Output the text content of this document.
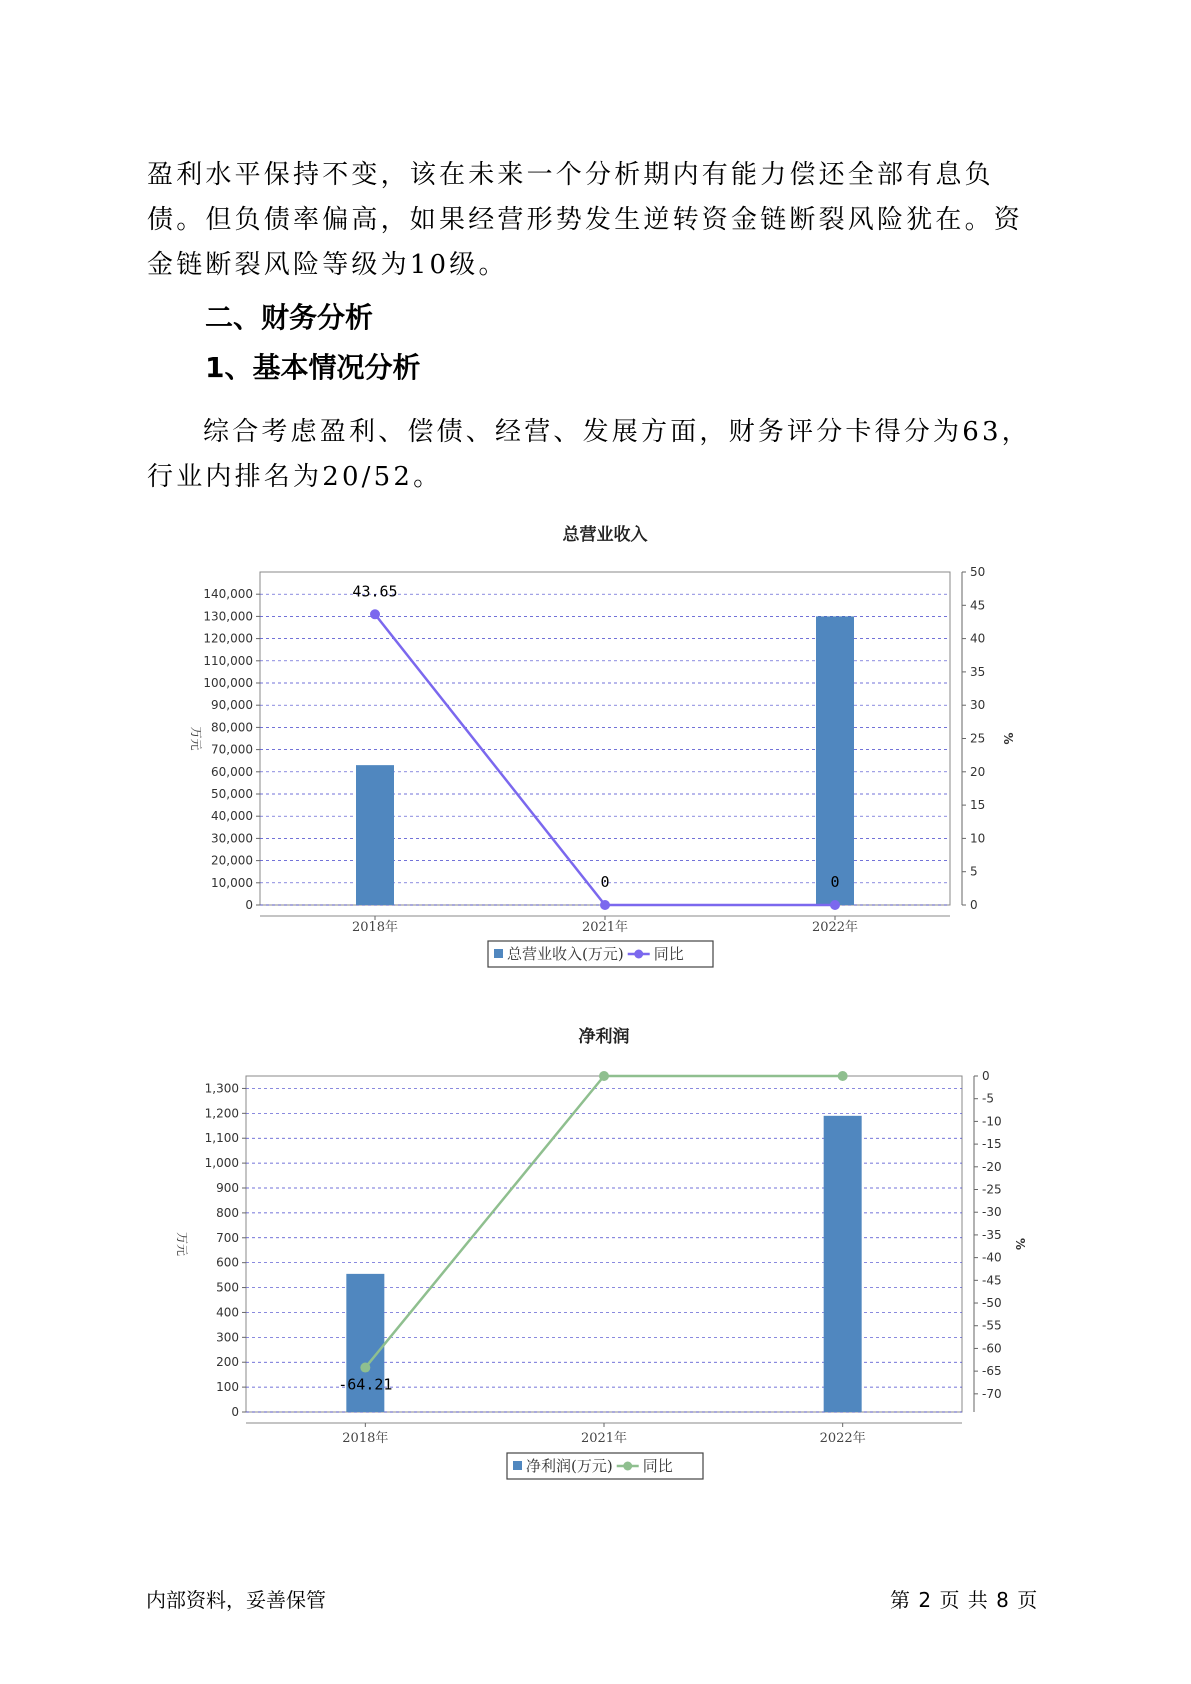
盈利水平保持不变，该在未来一个分析期内有能力偿还全部有息负债。但负债率偏高，如果经营形势发生逆转资金链断裂风险犹在。资金链断裂风险等级为10级。

二、财务分析
1、基本情况分析

综合考虑盈利、偿债、经营、发展方面，财务评分卡得分为63，行业内排名为20/52。

总营业收入
0
10,000
20,000
30,000
40,000
50,000
60,000
70,000
80,000
90,000
100,000
110,000
120,000
130,000
140,000
0
5
10
15
20
25
30
35
40
45
50
万元	%
2018年	2021年	2022年
43.65
0	0
总营业收入(万元) 同比
净利润
0
100
200
300
400
500
600
700
800
900
1,000
1,100
1,200
1,300
0
-5
-10
-15
-20
-25
-30
-35
-40
-45
-50
-55
-60
-65
-70
万元	%
2018年	2021年	2022年
-64.21
净利润(万元) 同比
内部资料，妥善保管	第 2 页 共 8 页
